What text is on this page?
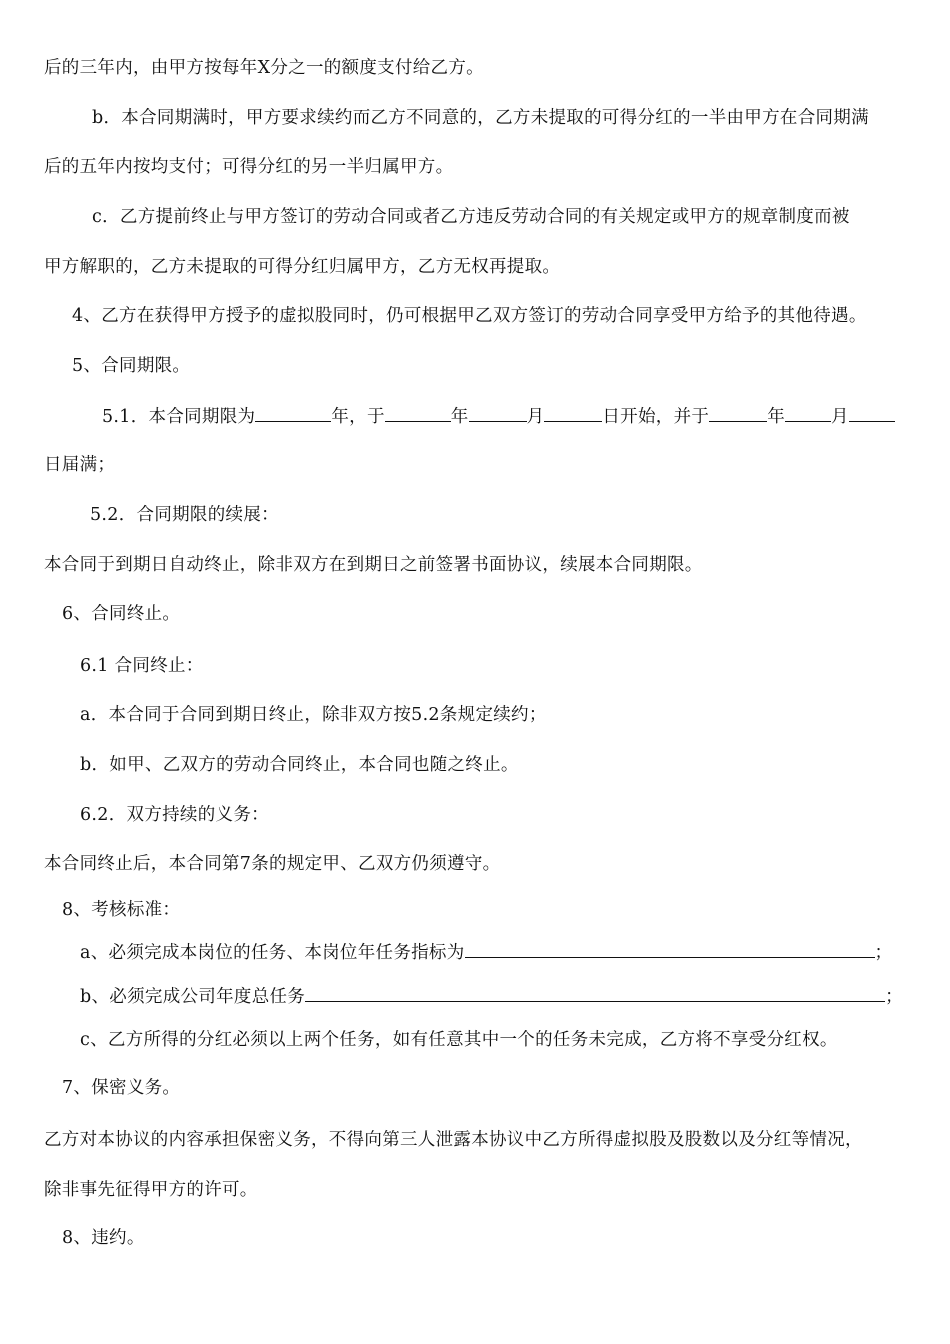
后的三年内，由甲方按每年X分之一的额度支付给乙方。
b．本合同期满时，甲方要求续约而乙方不同意的，乙方未提取的可得分红的一半由甲方在合同期满
后的五年内按均支付；可得分红的另一半归属甲方。
c．乙方提前终止与甲方签订的劳动合同或者乙方违反劳动合同的有关规定或甲方的规章制度而被
甲方解职的，乙方未提取的可得分红归属甲方，乙方无权再提取。
4、乙方在获得甲方授予的虚拟股同时，仍可根据甲乙双方签订的劳动合同享受甲方给予的其他待遇。
5、合同期限。
5.1．本合同期限为	年，于	年	月	日开始，并于	年	月
日届满；
5.2．合同期限的续展：
本合同于到期日自动终止，除非双方在到期日之前签署书面协议，续展本合同期限。
6、合同终止。
6.1 合同终止：
a．本合同于合同到期日终止，除非双方按5.2条规定续约；
b．如甲、乙双方的劳动合同终止，本合同也随之终止。
6.2．双方持续的义务：
本合同终止后，本合同第7条的规定甲、乙双方仍须遵守。
8、考核标准：
a、必须完成本岗位的任务、本岗位年任务指标为	；
b、必须完成公司年度总任务	；
c、乙方所得的分红必须以上两个任务，如有任意其中一个的任务未完成，乙方将不享受分红权。
7、保密义务。
乙方对本协议的内容承担保密义务，不得向第三人泄露本协议中乙方所得虚拟股及股数以及分红等情况，
除非事先征得甲方的许可。
8、违约。
